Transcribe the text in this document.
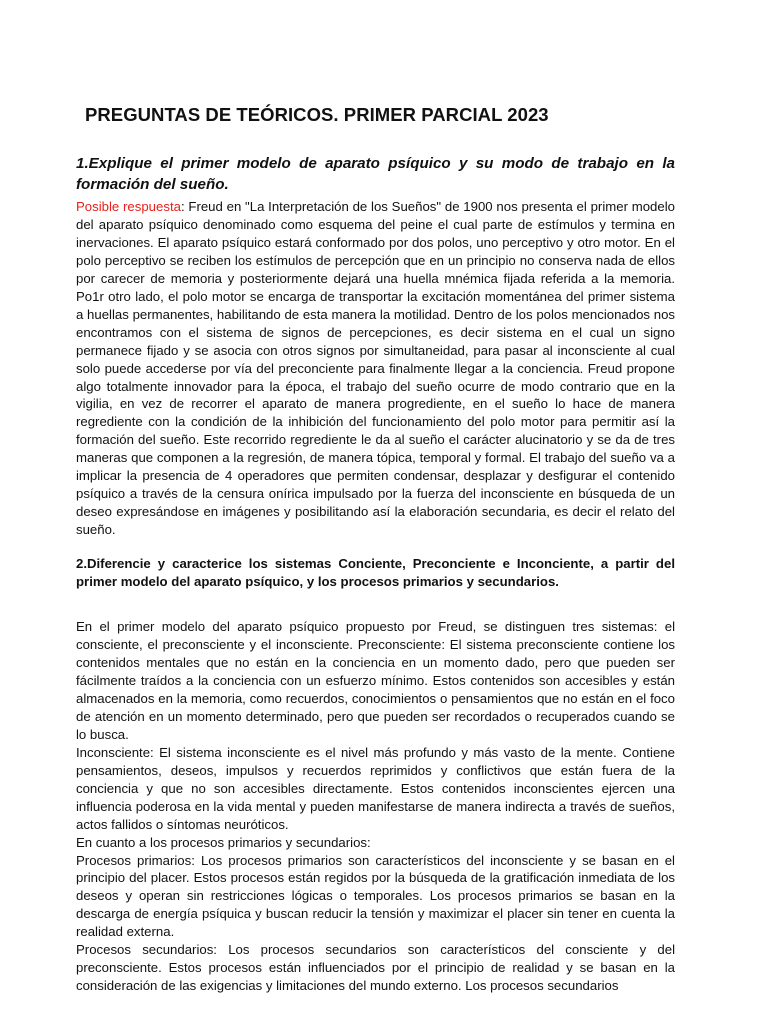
PREGUNTAS DE TEÓRICOS. PRIMER PARCIAL 2023

1.Explique el primer modelo de aparato psíquico y su modo de trabajo en la formación del sueño.

Posible respuesta: Freud en "La Interpretación de los Sueños" de 1900 nos presenta el primer modelo del aparato psíquico denominado como esquema del peine el cual parte de estímulos y termina en inervaciones. El aparato psíquico estará conformado por dos polos, uno perceptivo y otro motor. En el polo perceptivo se reciben los estímulos de percepción que en un principio no conserva nada de ellos por carecer de memoria y posteriormente dejará una huella mnémica fijada referida a la memoria. Po1r otro lado, el polo motor se encarga de transportar la excitación momentánea del primer sistema a huellas permanentes, habilitando de esta manera la motilidad. Dentro de los polos mencionados nos encontramos con el sistema de signos de percepciones, es decir sistema en el cual un signo permanece fijado y se asocia con otros signos por simultaneidad, para pasar al inconsciente al cual solo puede accederse por vía del preconciente para finalmente llegar a la conciencia. Freud propone algo totalmente innovador para la época, el trabajo del sueño ocurre de modo contrario que en la vigilia, en vez de recorrer el aparato de manera progrediente, en el sueño lo hace de manera regrediente con la condición de la inhibición del funcionamiento del polo motor para permitir así la formación del sueño. Este recorrido regrediente le da al sueño el carácter alucinatorio y se da de tres maneras que componen a la regresión, de manera tópica, temporal y formal. El trabajo del sueño va a implicar la presencia de 4 operadores que permiten condensar, desplazar y desfigurar el contenido psíquico a través de la censura onírica impulsado por la fuerza del inconsciente en búsqueda de un deseo expresándose en imágenes y posibilitando así la elaboración secundaria, es decir el relato del sueño.

2.Diferencie y caracterice los sistemas Conciente, Preconciente e Inconciente, a partir del primer modelo del aparato psíquico, y los procesos primarios y secundarios.

En el primer modelo del aparato psíquico propuesto por Freud, se distinguen tres sistemas: el consciente, el preconsciente y el inconsciente. Preconsciente: El sistema preconsciente contiene los contenidos mentales que no están en la conciencia en un momento dado, pero que pueden ser fácilmente traídos a la conciencia con un esfuerzo mínimo. Estos contenidos son accesibles y están almacenados en la memoria, como recuerdos, conocimientos o pensamientos que no están en el foco de atención en un momento determinado, pero que pueden ser recordados o recuperados cuando se lo busca.

Inconsciente: El sistema inconsciente es el nivel más profundo y más vasto de la mente. Contiene pensamientos, deseos, impulsos y recuerdos reprimidos y conflictivos que están fuera de la conciencia y que no son accesibles directamente. Estos contenidos inconscientes ejercen una influencia poderosa en la vida mental y pueden manifestarse de manera indirecta a través de sueños, actos fallidos o síntomas neuróticos.

En cuanto a los procesos primarios y secundarios:

Procesos primarios: Los procesos primarios son característicos del inconsciente y se basan en el principio del placer. Estos procesos están regidos por la búsqueda de la gratificación inmediata de los deseos y operan sin restricciones lógicas o temporales. Los procesos primarios se basan en la descarga de energía psíquica y buscan reducir la tensión y maximizar el placer sin tener en cuenta la realidad externa.

Procesos secundarios: Los procesos secundarios son característicos del consciente y del preconsciente. Estos procesos están influenciados por el principio de realidad y se basan en la consideración de las exigencias y limitaciones del mundo externo. Los procesos secundarios
